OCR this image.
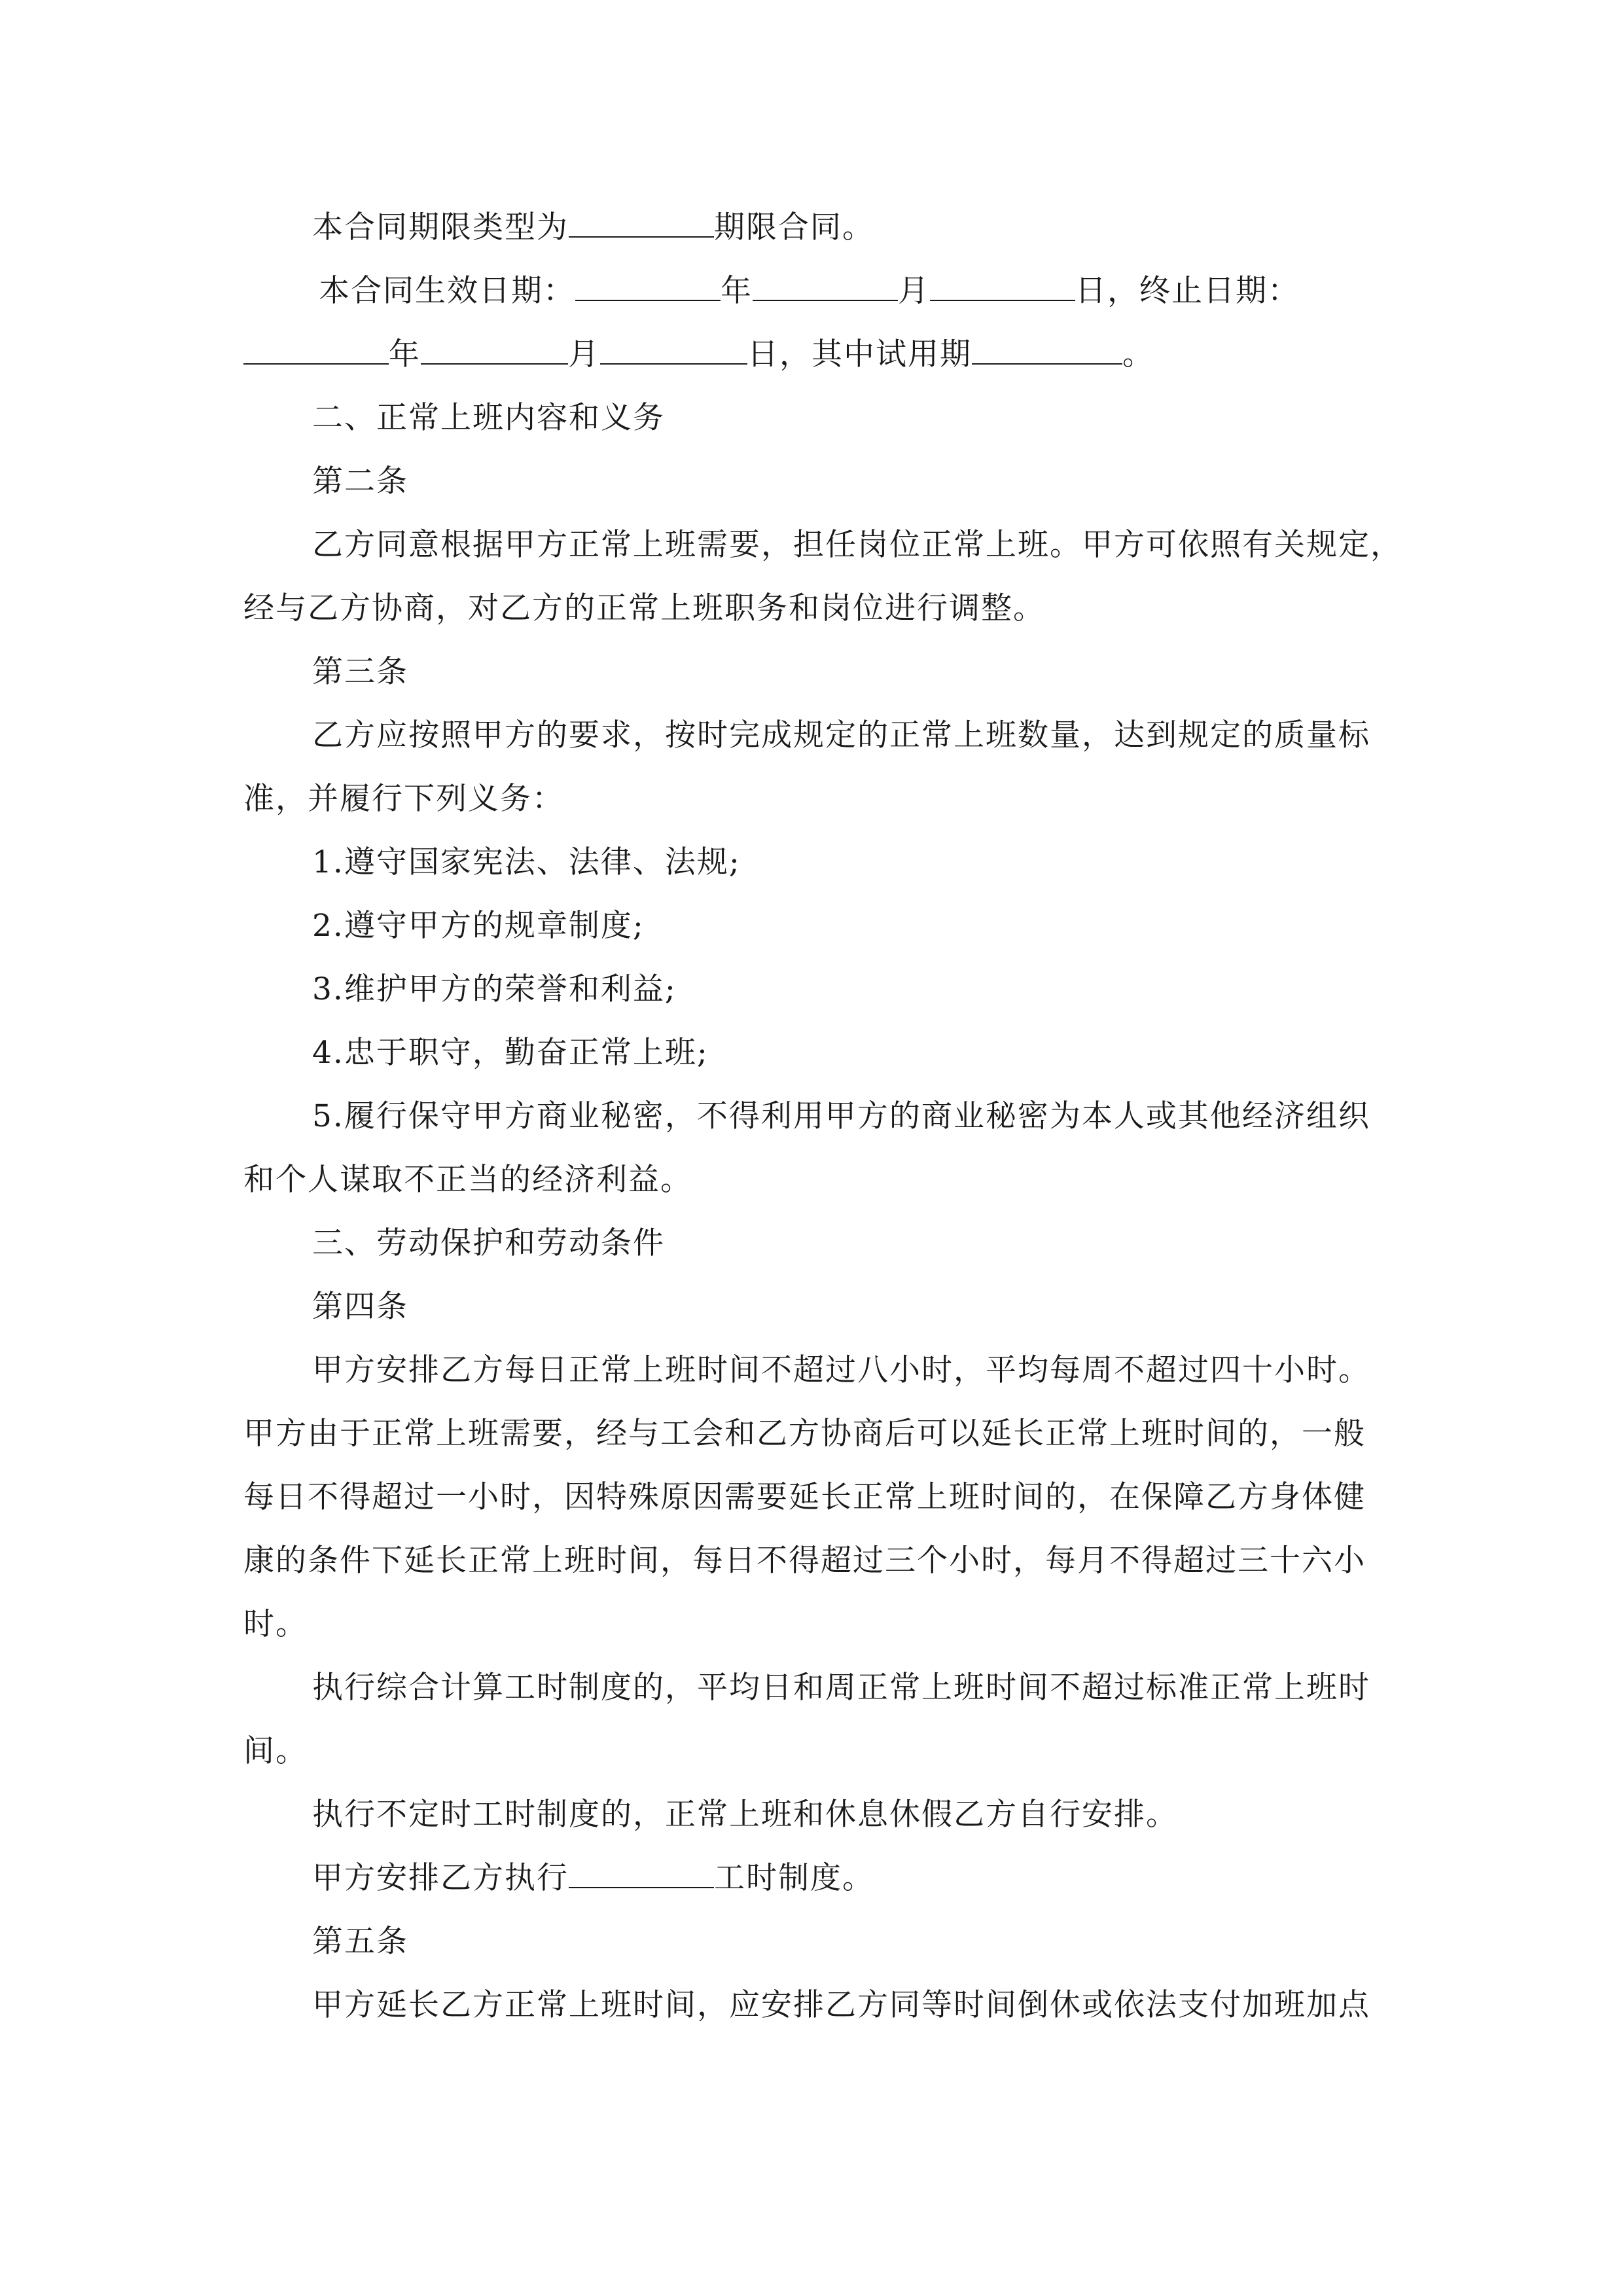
本合同期限类型为	期限合同。

本合同生效日期：	年	月	日，终止日期：

年	月	日，其中试用期	。

二、正常上班内容和义务

第二条

乙方同意根据甲方正常上班需要，担任岗位正常上班。甲方可依照有关规定，

经与乙方协商，对乙方的正常上班职务和岗位进行调整。

第三条

乙方应按照甲方的要求，按时完成规定的正常上班数量，达到规定的质量标

准，并履行下列义务：

1.遵守国家宪法、法律、法规;

2.遵守甲方的规章制度;

3.维护甲方的荣誉和利益;

4.忠于职守，勤奋正常上班;

5.履行保守甲方商业秘密，不得利用甲方的商业秘密为本人或其他经济组织

和个人谋取不正当的经济利益。

三、劳动保护和劳动条件

第四条

甲方安排乙方每日正常上班时间不超过八小时，平均每周不超过四十小时。

甲方由于正常上班需要，经与工会和乙方协商后可以延长正常上班时间的，一般

每日不得超过一小时，因特殊原因需要延长正常上班时间的，在保障乙方身体健

康的条件下延长正常上班时间，每日不得超过三个小时，每月不得超过三十六小

时。

执行综合计算工时制度的，平均日和周正常上班时间不超过标准正常上班时

间。

执行不定时工时制度的，正常上班和休息休假乙方自行安排。

甲方安排乙方执行	工时制度。

第五条

甲方延长乙方正常上班时间，应安排乙方同等时间倒休或依法支付加班加点
